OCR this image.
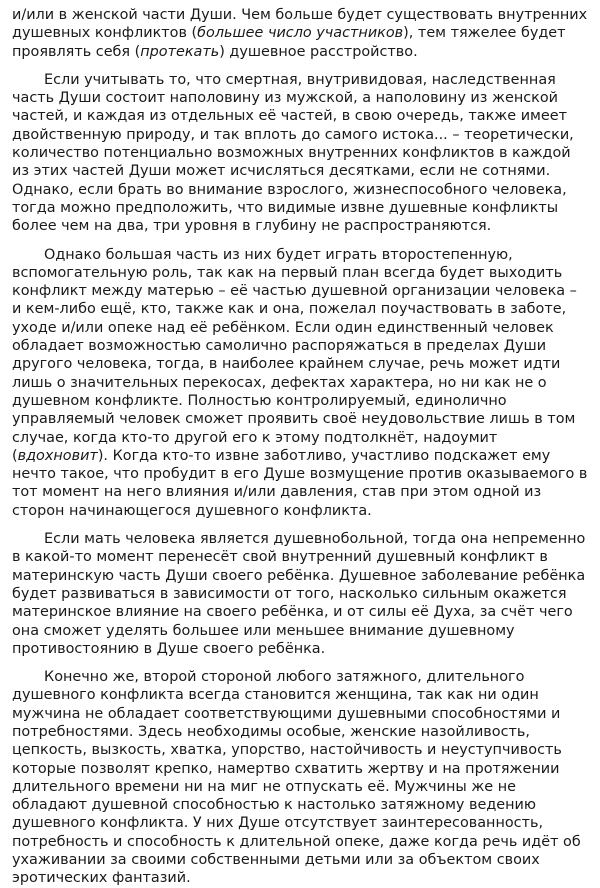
и/или в женской части Души. Чем больше будет существовать внутренних душевных конфликтов (большее число участников), тем тяжелее будет проявлять себя (протекать) душевное расстройство.

Если учитывать то, что смертная, внутривидовая, наследственная часть Души состоит наполовину из мужской, а наполовину из женской частей, и каждая из отдельных её частей, в свою очередь, также имеет двойственную природу, и так вплоть до самого истока... – теоретически, количество потенциально возможных внутренних конфликтов в каждой из этих частей Души может исчисляться десятками, если не сотнями. Однако, если брать во внимание взрослого, жизнеспособного человека, тогда можно предположить, что видимые извне душевные конфликты более чем на два, три уровня в глубину не распространяются.

Однако большая часть из них будет играть второстепенную, вспомогательную роль, так как на первый план всегда будет выходить конфликт между матерью – её частью душевной организации человека – и кем-либо ещё, кто, также как и она, пожелал поучаствовать в заботе, уходе и/или опеке над её ребёнком. Если один единственный человек обладает возможностью самолично распоряжаться в пределах Души другого человека, тогда, в наиболее крайнем случае, речь может идти лишь о значительных перекосах, дефектах характера, но ни как не о душевном конфликте. Полностью контролируемый, единолично управляемый человек сможет проявить своё неудовольствие лишь в том случае, когда кто-то другой его к этому подтолкнёт, надоумит (вдохновит). Когда кто-то извне заботливо, участливо подскажет ему нечто такое, что пробудит в его Душе возмущение против оказываемого в тот момент на него влияния и/или давления, став при этом одной из сторон начинающегося душевного конфликта.

Если мать человека является душевнобольной, тогда она непременно в какой-то момент перенесёт свой внутренний душевный конфликт в материнскую часть Души своего ребёнка. Душевное заболевание ребёнка будет развиваться в зависимости от того, насколько сильным окажется материнское влияние на своего ребёнка, и от силы её Духа, за счёт чего она сможет уделять большее или меньшее внимание душевному противостоянию в Душе своего ребёнка.

Конечно же, второй стороной любого затяжного, длительного душевного конфликта всегда становится женщина, так как ни один мужчина не обладает соответствующими душевными способностями и потребностями. Здесь необходимы особые, женские назойливость, цепкость, вызкость, хватка, упорство, настойчивость и неуступчивость которые позволят крепко, намертво схватить жертву и на протяжении длительного времени ни на миг не отпускать её. Мужчины же не обладают душевной способностью к настолько затяжному ведению душевного конфликта. У них Душе отсутствует заинтересованность, потребность и способность к длительной опеке, даже когда речь идёт об ухаживании за своими собственными детьми или за объектом своих эротических фантазий.
